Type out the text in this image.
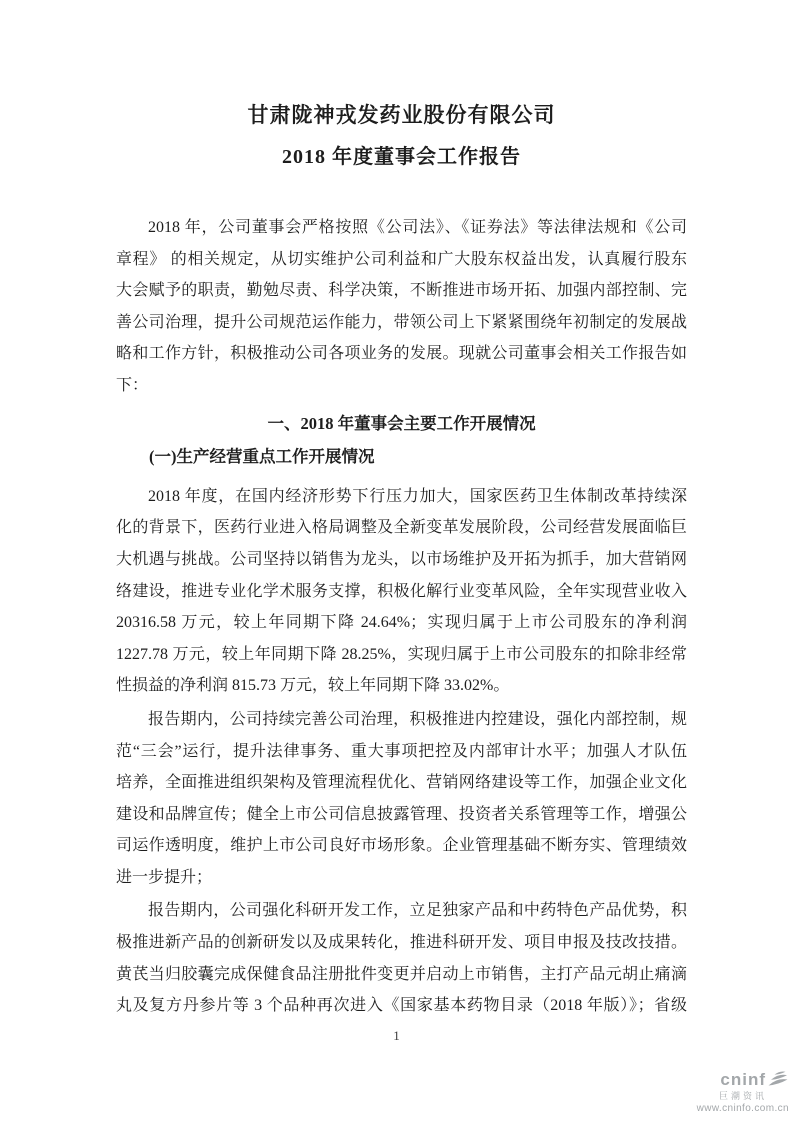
甘肃陇神戎发药业股份有限公司
2018 年度董事会工作报告
2018 年，公司董事会严格按照《公司法》、《证券法》等法律法规和《公司
章程》 的相关规定，从切实维护公司利益和广大股东权益出发，认真履行股东
大会赋予的职责，勤勉尽责、科学决策，不断推进市场开拓、加强内部控制、完
善公司治理，提升公司规范运作能力，带领公司上下紧紧围绕年初制定的发展战
略和工作方针，积极推动公司各项业务的发展。现就公司董事会相关工作报告如
下：
一、2018 年董事会主要工作开展情况
(一)生产经营重点工作开展情况
2018 年度，在国内经济形势下行压力加大，国家医药卫生体制改革持续深
化的背景下，医药行业进入格局调整及全新变革发展阶段，公司经营发展面临巨
大机遇与挑战。公司坚持以销售为龙头，以市场维护及开拓为抓手，加大营销网
络建设，推进专业化学术服务支撑，积极化解行业变革风险，全年实现营业收入
20316.58 万元，较上年同期下降 24.64%；实现归属于上市公司股东的净利润
1227.78 万元，较上年同期下降 28.25%，实现归属于上市公司股东的扣除非经常
性损益的净利润 815.73 万元，较上年同期下降 33.02%。
报告期内，公司持续完善公司治理，积极推进内控建设，强化内部控制，规
范“三会”运行，提升法律事务、重大事项把控及内部审计水平；加强人才队伍
培养，全面推进组织架构及管理流程优化、营销网络建设等工作，加强企业文化
建设和品牌宣传；健全上市公司信息披露管理、投资者关系管理等工作，增强公
司运作透明度，维护上市公司良好市场形象。企业管理基础不断夯实、管理绩效
进一步提升；
报告期内，公司强化科研开发工作，立足独家产品和中药特色产品优势，积
极推进新产品的创新研发以及成果转化，推进科研开发、项目申报及技改技措。
黄芪当归胶囊完成保健食品注册批件变更并启动上市销售，主打产品元胡止痛滴
丸及复方丹参片等 3 个品种再次进入《国家基本药物目录（2018 年版）》；省级
1
cninf
巨潮资讯
www.cninfo.com.cn
